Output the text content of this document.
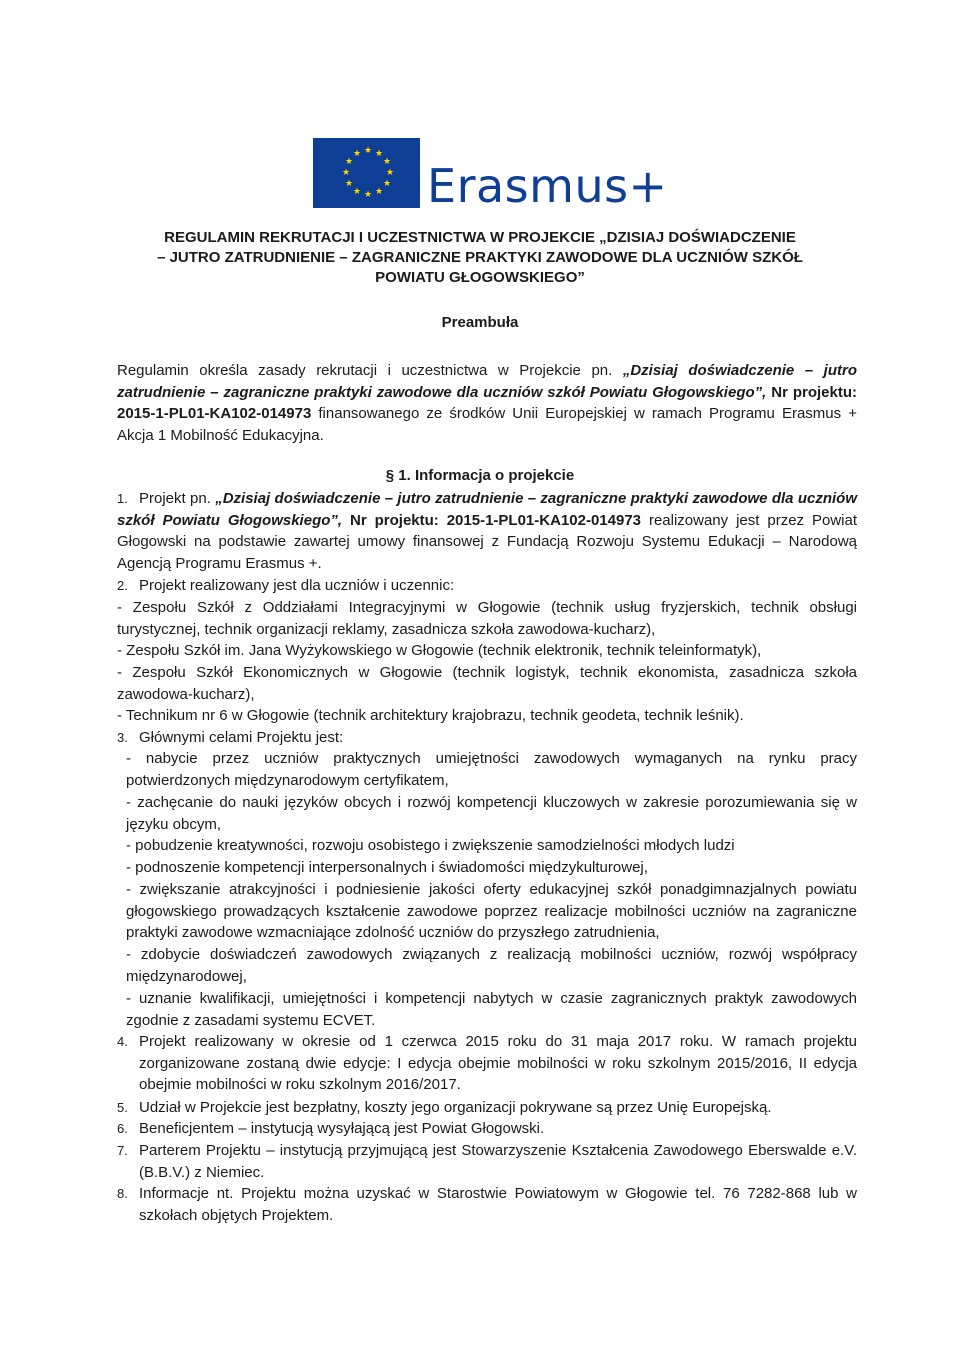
★ ★
★
★
★
★
★
★
★
★
★
★
Erasmus+
REGULAMIN REKRUTACJI I UCZESTNICTWA W PROJEKCIE „DZISIAJ DOŚWIADCZENIE
– JUTRO ZATRUDNIENIE – ZAGRANICZNE PRAKTYKI ZAWODOWE DLA UCZNIÓW SZKÓŁ
POWIATU GŁOGOWSKIEGO”
Preambuła
Regulamin określa zasady rekrutacji i uczestnictwa w Projekcie pn. „Dzisiaj doświadczenie – jutro zatrudnienie – zagraniczne praktyki zawodowe dla uczniów szkół Powiatu Głogowskiego”, Nr projektu: 2015-1-PL01-KA102-014973 finansowanego ze środków Unii Europejskiej w ramach Programu Erasmus + Akcja 1 Mobilność Edukacyjna.
§ 1. Informacja o projekcie
1. Projekt pn. „Dzisiaj doświadczenie – jutro zatrudnienie – zagraniczne praktyki zawodowe dla uczniów szkół Powiatu Głogowskiego”, Nr projektu: 2015-1-PL01-KA102-014973 realizowany jest przez Powiat Głogowski na podstawie zawartej umowy finansowej z Fundacją Rozwoju Systemu Edukacji – Narodową Agencją Programu Erasmus +.
2. Projekt realizowany jest dla uczniów i uczennic:
- Zespołu Szkół z Oddziałami Integracyjnymi w Głogowie (technik usług fryzjerskich, technik obsługi turystycznej, technik organizacji reklamy, zasadnicza szkoła zawodowa-kucharz),
- Zespołu Szkół im. Jana Wyżykowskiego w Głogowie (technik elektronik, technik teleinformatyk),
- Zespołu Szkół Ekonomicznych w Głogowie (technik logistyk, technik ekonomista, zasadnicza szkoła zawodowa-kucharz),
- Technikum nr 6 w Głogowie (technik architektury krajobrazu, technik geodeta, technik leśnik).
3. Głównymi celami Projektu jest:
- nabycie przez uczniów praktycznych umiejętności zawodowych wymaganych na rynku pracy potwierdzonych międzynarodowym certyfikatem,
- zachęcanie do nauki języków obcych i rozwój kompetencji kluczowych w zakresie porozumiewania się w języku obcym,
- pobudzenie kreatywności, rozwoju osobistego i zwiększenie samodzielności młodych ludzi
- podnoszenie kompetencji interpersonalnych i świadomości międzykulturowej,
- zwiększanie atrakcyjności i podniesienie jakości oferty edukacyjnej szkół ponadgimnazjalnych powiatu głogowskiego prowadzących kształcenie zawodowe poprzez realizacje mobilności uczniów na zagraniczne praktyki zawodowe wzmacniające zdolność uczniów do przyszłego zatrudnienia,
- zdobycie doświadczeń zawodowych związanych z realizacją mobilności uczniów, rozwój współpracy międzynarodowej,
- uznanie kwalifikacji, umiejętności i kompetencji nabytych w czasie zagranicznych praktyk zawodowych zgodnie z zasadami systemu ECVET.
4. Projekt realizowany w okresie od 1 czerwca 2015 roku do 31 maja 2017 roku. W ramach projektu zorganizowane zostaną dwie edycje: I edycja obejmie mobilności w roku szkolnym 2015/2016, II edycja obejmie mobilności w roku szkolnym 2016/2017.
5. Udział w Projekcie jest bezpłatny, koszty jego organizacji pokrywane są przez Unię Europejską.
6. Beneficjentem – instytucją wysyłającą jest Powiat Głogowski.
7. Parterem Projektu – instytucją przyjmującą jest Stowarzyszenie Kształcenia Zawodowego Eberswalde e.V. (B.B.V.) z Niemiec.
8. Informacje nt. Projektu można uzyskać w Starostwie Powiatowym w Głogowie tel. 76 7282-868 lub w szkołach objętych Projektem.
